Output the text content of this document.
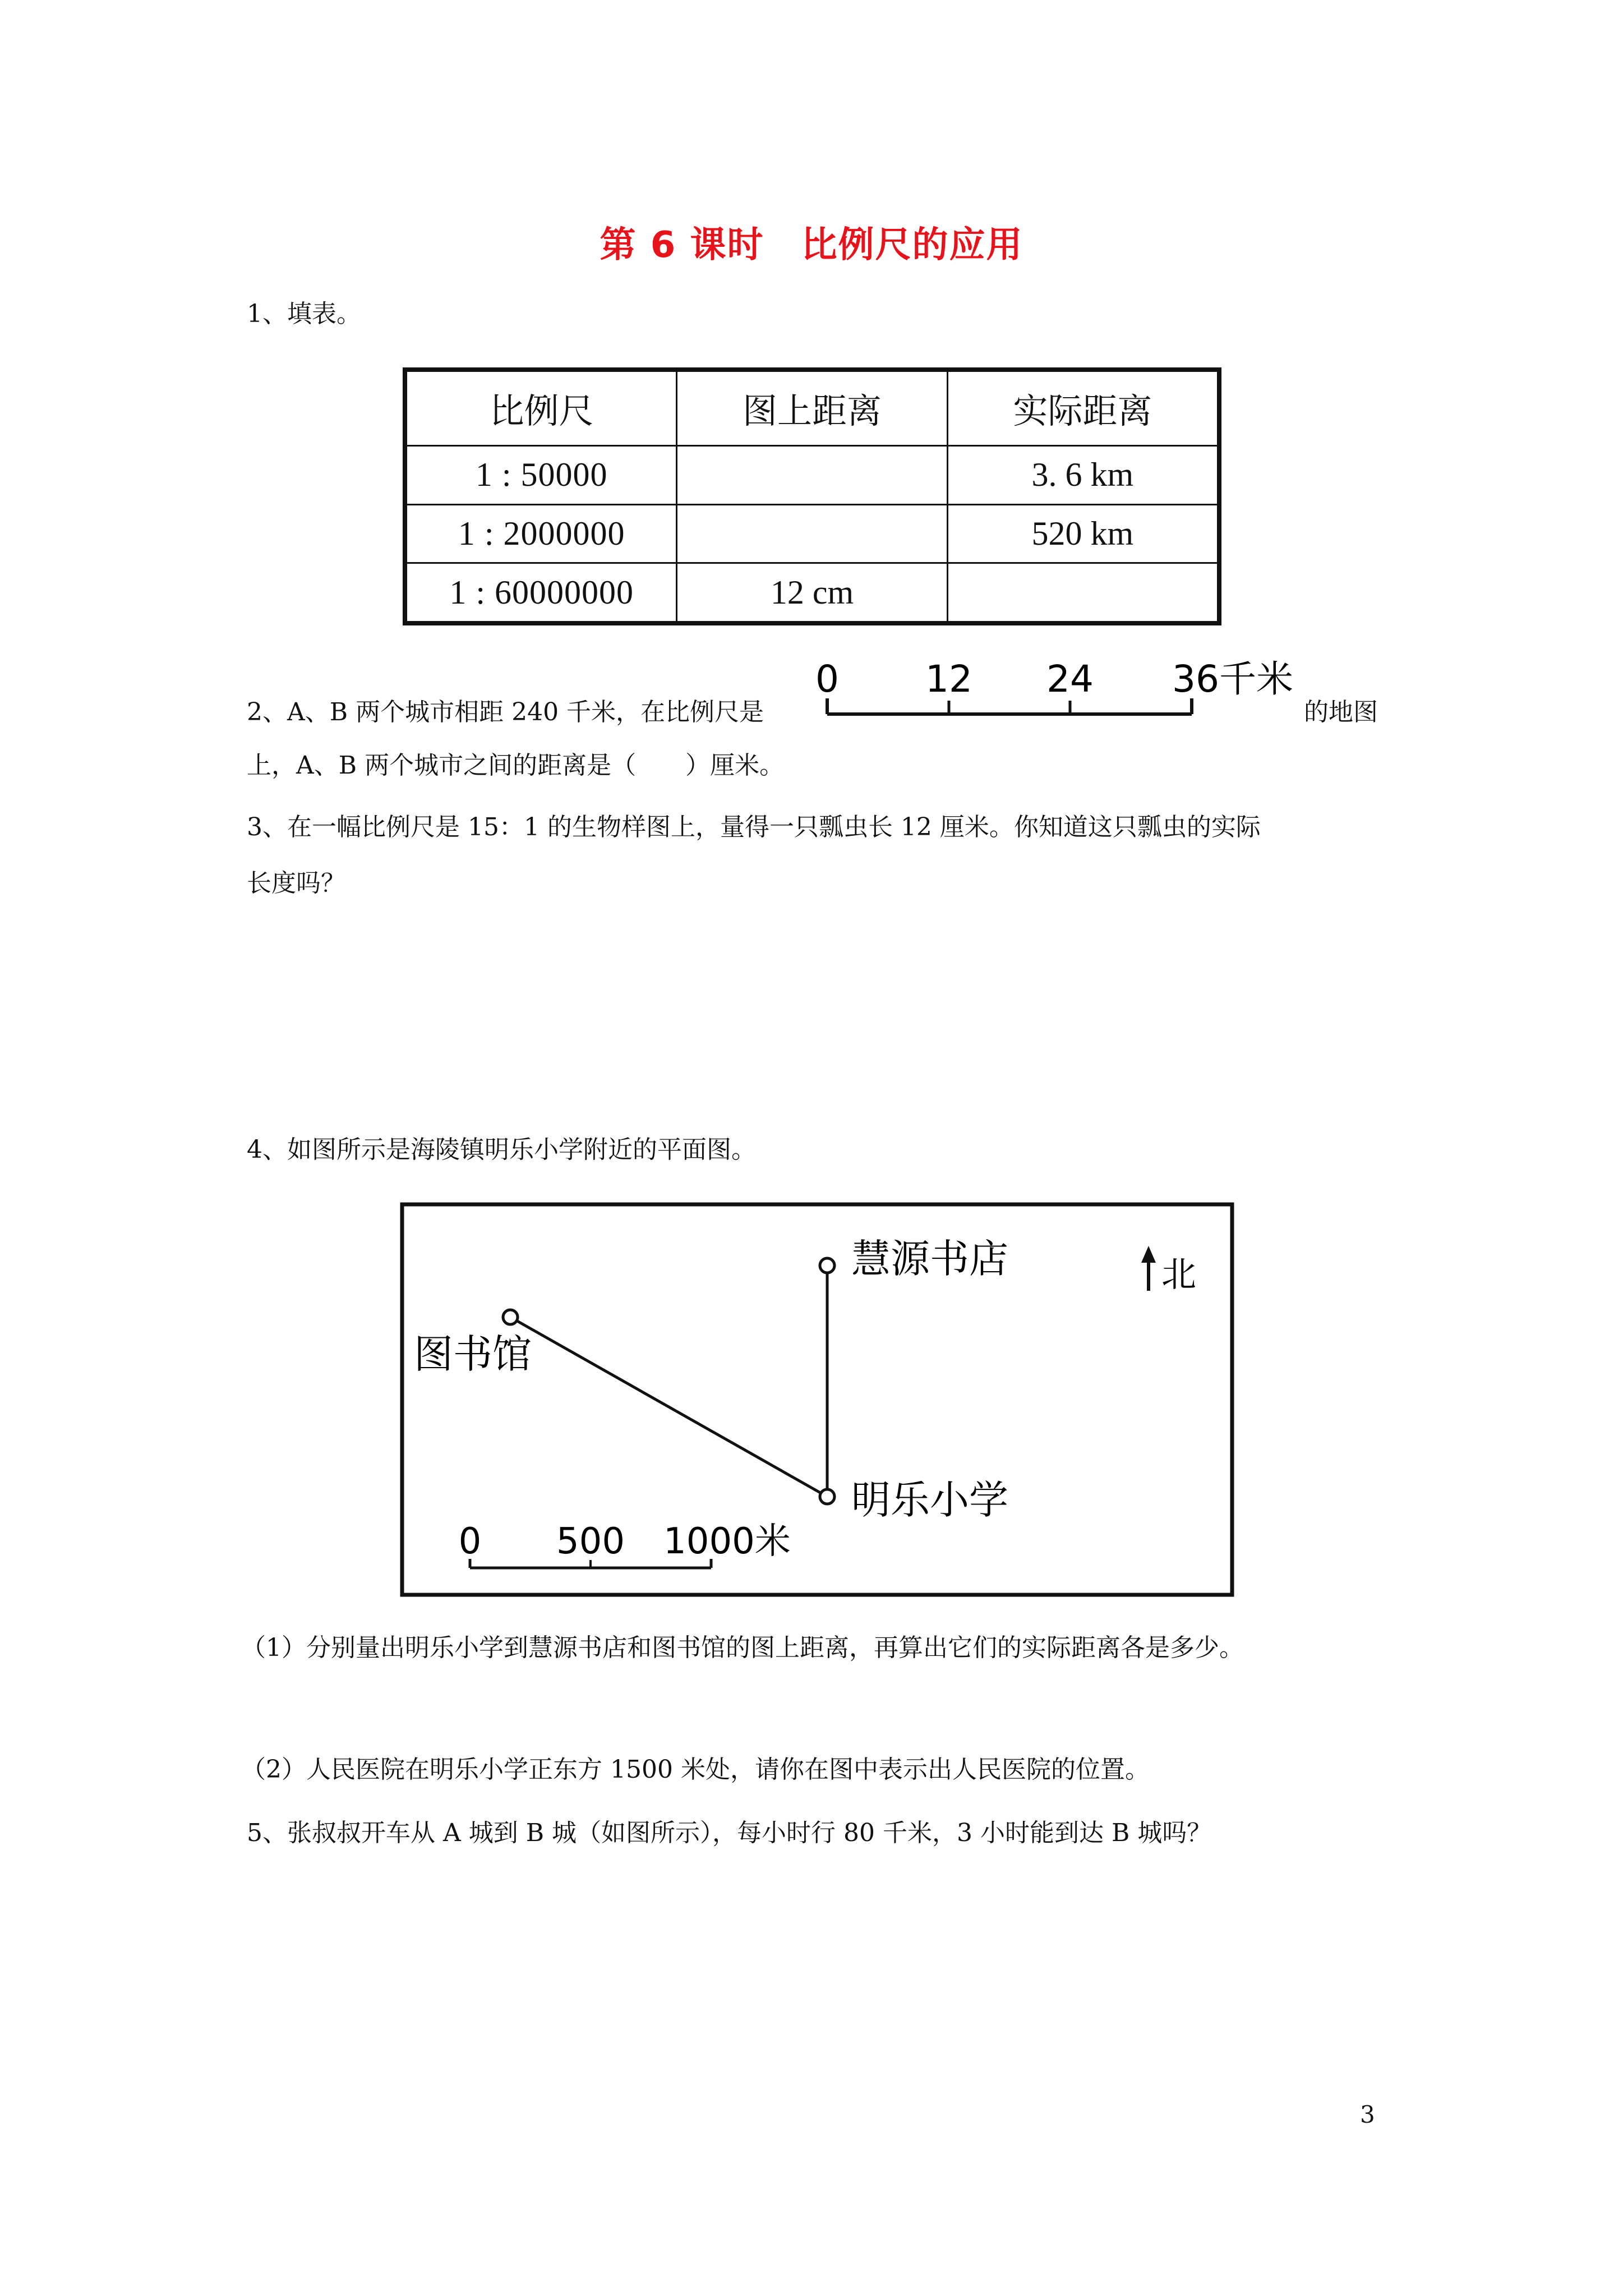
第 6 课时　比例尺的应用
1、填表。
比例尺	图上距离	实际距离
1 : 50000		3. 6 km
1 : 2000000		520 km
1 : 60000000	12 cm	
2、A、B 两个城市相距 240 千米，在比例尺是
0 12 24 36千米
的地图
上，A、B 两个城市之间的距离是（　　）厘米。
3、在一幅比例尺是 15：1 的生物样图上，量得一只瓢虫长 12 厘米。你知道这只瓢虫的实际
长度吗？
4、如图所示是海陵镇明乐小学附近的平面图。
慧源书店
图书馆
明乐小学
北
0 500 1000米
（1）分别量出明乐小学到慧源书店和图书馆的图上距离，再算出它们的实际距离各是多少。
（2）人民医院在明乐小学正东方 1500 米处，请你在图中表示出人民医院的位置。
5、张叔叔开车从 A 城到 B 城（如图所示），每小时行 80 千米，3 小时能到达 B 城吗？
3
